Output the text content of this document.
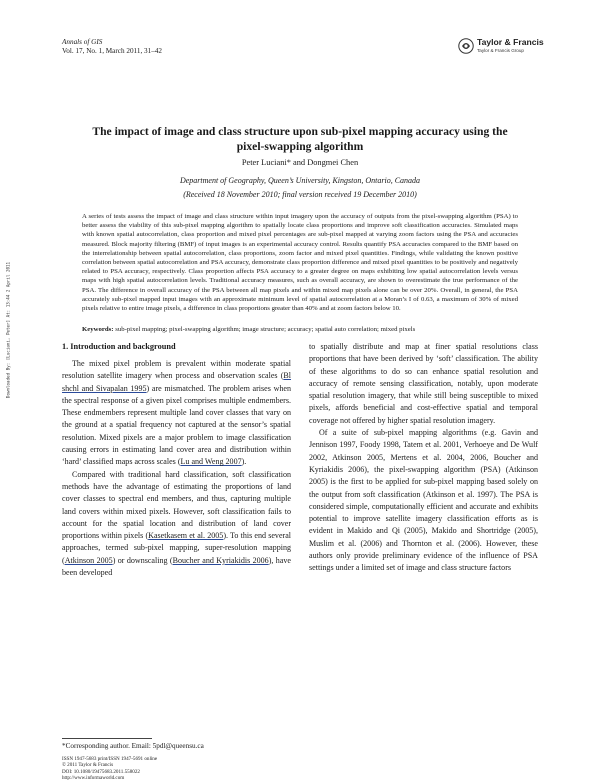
Annals of GIS
Vol. 17, No. 1, March 2011, 31–42
Taylor & Francis
Taylor & Francis Group
Downloaded By: [Luciani, Peter] At: 13:44 2 April 2011
The impact of image and class structure upon sub-pixel mapping accuracy using the pixel-swapping algorithm
Peter Luciani* and Dongmei Chen
Department of Geography, Queen’s University, Kingston, Ontario, Canada
(Received 18 November 2010; final version received 19 December 2010)

A series of tests assess the impact of image and class structure within input imagery upon the accuracy of outputs from the pixel-swapping algorithm (PSA) to better assess the viability of this sub-pixel mapping algorithm to spatially locate class proportions and improve soft classification accuracies. Simulated maps with known spatial autocorrelation, class proportion and mixed pixel percentages are sub-pixel mapped at varying zoom factors using the PSA and accuracies measured. Block majority filtering (BMF) of input images is an experimental accuracy control. Results quantify PSA accuracies compared to the BMF based on the interrelationship between spatial autocorrelation, class proportions, zoom factor and mixed pixel quantities. Findings, while validating the known positive correlation between spatial autocorrelation and PSA accuracy, demonstrate class proportion difference and mixed pixel quantities to be positively and negatively related to PSA accuracy, respectively. Class proportion affects PSA accuracy to a greater degree on maps exhibiting low spatial autocorrelation levels versus maps with high spatial autocorrelation levels. Traditional accuracy measures, such as overall accuracy, are shown to overestimate the true performance of the PSA. The difference in overall accuracy of the PSA between all map pixels and within mixed map pixels alone can be over 20%. Overall, in general, the PSA accurately sub-pixel mapped input images with an approximate minimum level of spatial autocorrelation at a Moran’s I of 0.63, a maximum of 30% of mixed pixels relative to entire image pixels, a difference in class proportions greater than 40% and at zoom factors below 10.

Keywords: sub-pixel mapping; pixel-swapping algorithm; image structure; accuracy; spatial auto correlation; mixed pixels

1. Introduction and background

The mixed pixel problem is prevalent within moderate spatial resolution satellite imagery when process and observation scales (Bl shchl and Sivapalan 1995) are mismatched. The problem arises when the spectral response of a given pixel comprises multiple endmembers. These endmembers represent multiple land cover classes that vary on the ground at a spatial frequency not captured at the sensor’s spatial resolution. Mixed pixels are a major problem to image classification causing errors in estimating land cover area and distribution within ‘hard’ classified maps across scales (Lu and Weng 2007).

Compared with traditional hard classification, soft classification methods have the advantage of estimating the proportions of land cover classes to spectral end members, and thus, capturing multiple land covers within mixed pixels. However, soft classification fails to account for the spatial location and distribution of land cover proportions within pixels (Kasetkasem et al. 2005). To this end several approaches, termed sub-pixel mapping, super-resolution mapping (Atkinson 2005) or downscaling (Boucher and Kyriakidis 2006), have been developed

to spatially distribute and map at finer spatial resolutions class proportions that have been derived by ‘soft’ classification. The ability of these algorithms to do so can enhance spatial resolution and accuracy of remote sensing classification, notably, upon moderate spatial resolution imagery, that while still being susceptible to mixed pixels, affords beneficial and cost-effective spatial and temporal coverage not offered by higher spatial resolution imagery.

Of a suite of sub-pixel mapping algorithms (e.g. Gavin and Jennison 1997, Foody 1998, Tatem et al. 2001, Verhoeye and De Wulf 2002, Atkinson 2005, Mertens et al. 2004, 2006, Boucher and Kyriakidis 2006), the pixel-swapping algorithm (PSA) (Atkinson 2005) is the first to be applied for sub-pixel mapping based solely on the output from soft classification (Atkinson et al. 1997). The PSA is considered simple, computationally efficient and accurate and exhibits potential to improve satellite imagery classification efforts as is evident in Makido and Qi (2005), Makido and Shortridge (2005), Muslim et al. (2006) and Thornton et al. (2006). However, these authors only provide preliminary evidence of the influence of PSA settings under a limited set of image and class structure factors

*Corresponding author. Email: 5pdl@queensu.ca
ISSN 1947-5683 print/ISSN 1947-5691 online
© 2011 Taylor & Francis
DOI: 10.1080/19475683.2011.558022
http://www.informaworld.com
